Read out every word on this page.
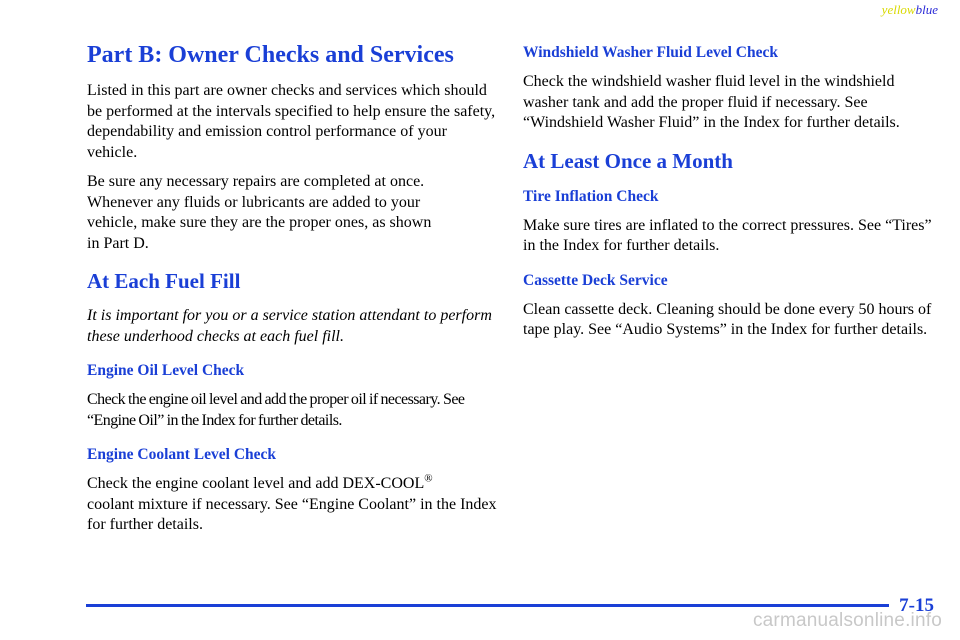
yellowblue
Part B: Owner Checks and Services

Listed in this part are owner checks and services which should be performed at the intervals specified to help ensure the safety, dependability and emission control performance of your vehicle.

Be sure any necessary repairs are completed at once.
Whenever any fluids or lubricants are added to your
vehicle, make sure they are the proper ones, as shown
in Part D.

At Each Fuel Fill

It is important for you or a service station attendant to perform these underhood checks at each fuel fill.

Engine Oil Level Check

Check the engine oil level and add the proper oil if necessary. See “Engine Oil” in the Index for further details.

Engine Coolant Level Check

Check the engine coolant level and add DEX‑COOL®
coolant mixture if necessary. See “Engine Coolant” in the Index for further details.

Windshield Washer Fluid Level Check

Check the windshield washer fluid level in the windshield washer tank and add the proper fluid if necessary. See “Windshield Washer Fluid” in the Index for further details.

At Least Once a Month
Tire Inflation Check

Make sure tires are inflated to the correct pressures. See “Tires” in the Index for further details.

Cassette Deck Service

Clean cassette deck. Cleaning should be done every 50 hours of tape play. See “Audio Systems” in the Index for further details.

7-15
carmanualsonline.info
